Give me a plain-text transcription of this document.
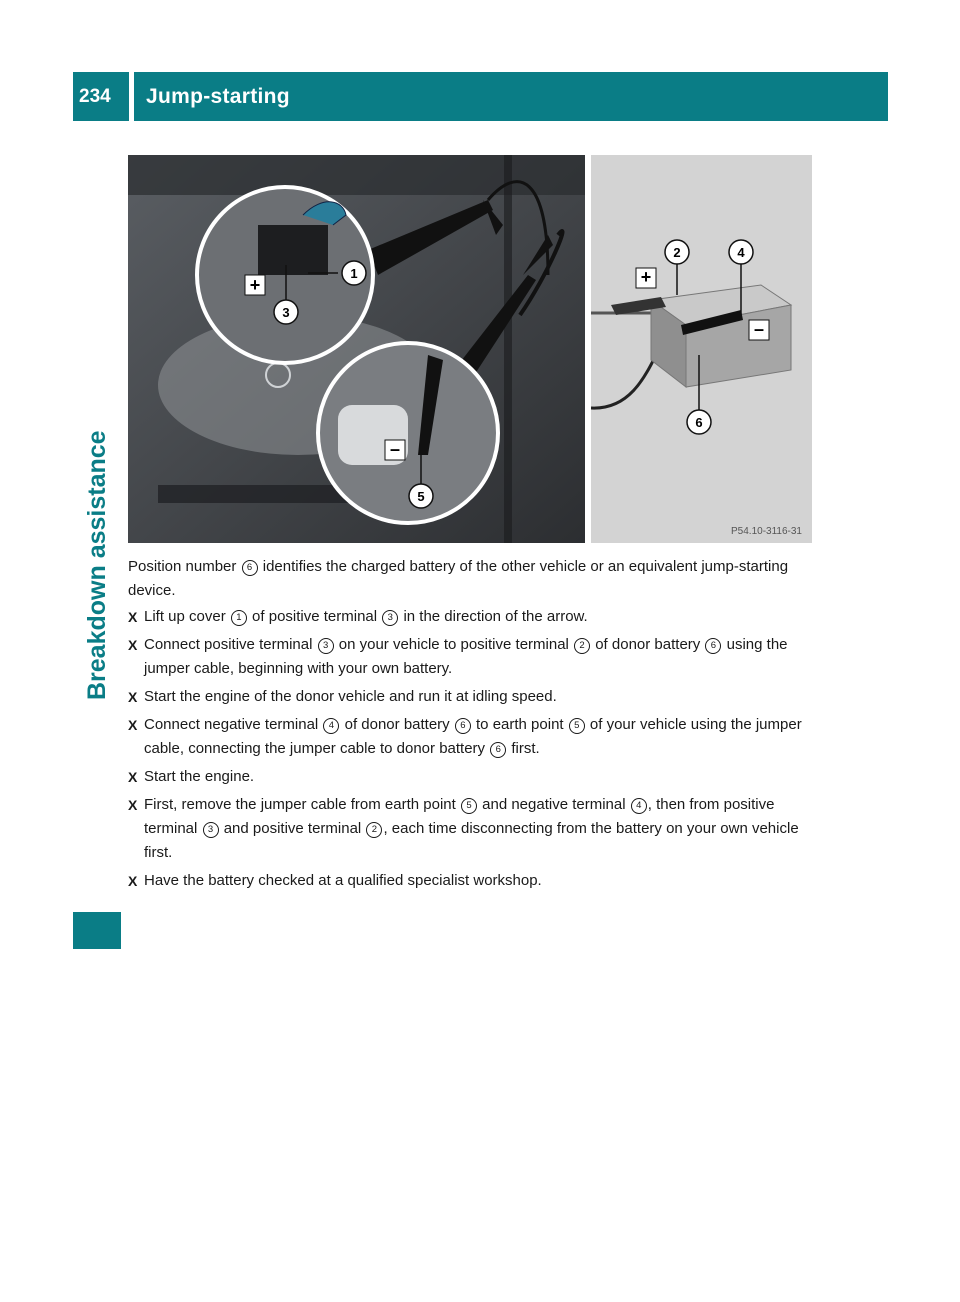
234	Jump-starting
Breakdown assistance
+
1
3
–
5
+
–
2	4
6
P54.10-3116-31

Position number 6 identifies the charged battery of the other vehicle or an equivalent jump-starting device.

X Lift up cover 1 of positive terminal 3 in the direction of the arrow.
X Connect positive terminal 3 on your vehicle to positive terminal 2 of donor battery 6 using the jumper cable, beginning with your own battery.
X Start the engine of the donor vehicle and run it at idling speed.
X Connect negative terminal 4 of donor battery 6 to earth point 5 of your vehicle using the jumper cable, connecting the jumper cable to donor battery 6 first.
X Start the engine.
X First, remove the jumper cable from earth point 5 and negative terminal 4 , then from positive terminal 3 and positive terminal 2 , each time disconnecting from the battery on your own vehicle first.
X Have the battery checked at a qualified specialist workshop.
